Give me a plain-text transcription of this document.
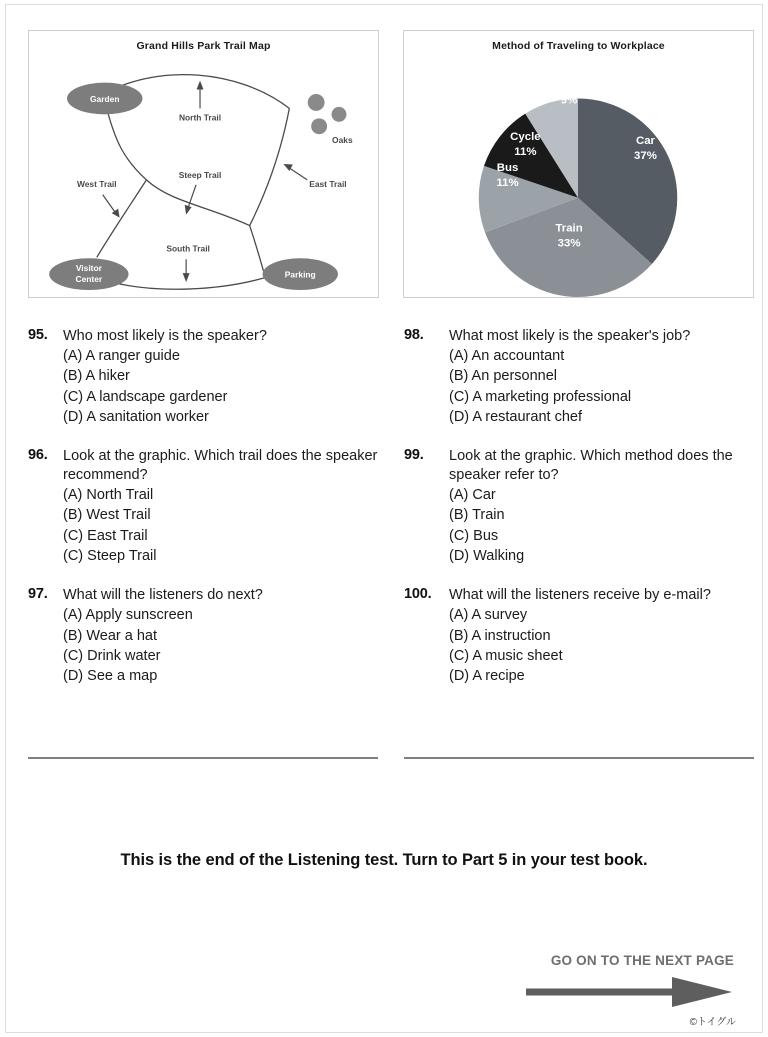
Grand Hills Park Trail Map
Oaks
Garden
Visitor
Center	Parking
North Trail
Steep Trail
West Trail	East Trail
South Trail
Method of Traveling to Workplace
Car
37%
Train
33%
Bus
11%
Cycle
11%
Walking
9%
95.	Who most likely is the speaker?

(A) A ranger guide
(B) A hiker
(C) A landscape gardener
(D) A sanitation worker
96.	Look at the graphic. Which trail does the speaker recommend?

(A) North Trail
(B) West Trail
(C) East Trail
(C) Steep Trail
97.	What will the listeners do next?

(A) Apply sunscreen
(B) Wear a hat
(C) Drink water
(D) See a map
98.	What most likely is the speaker's job?

(A) An accountant
(B) An personnel
(C) A marketing professional
(D) A restaurant chef
99.	Look at the graphic. Which method does the speaker refer to?

(A) Car
(B) Train
(C) Bus
(D) Walking
100.	What will the listeners receive by e-mail?

(A) A survey
(B) A instruction
(C) A music sheet
(D) A recipe
This is the end of the Listening test. Turn to Part 5 in your test book.
GO ON TO THE NEXT PAGE
©トイグル
